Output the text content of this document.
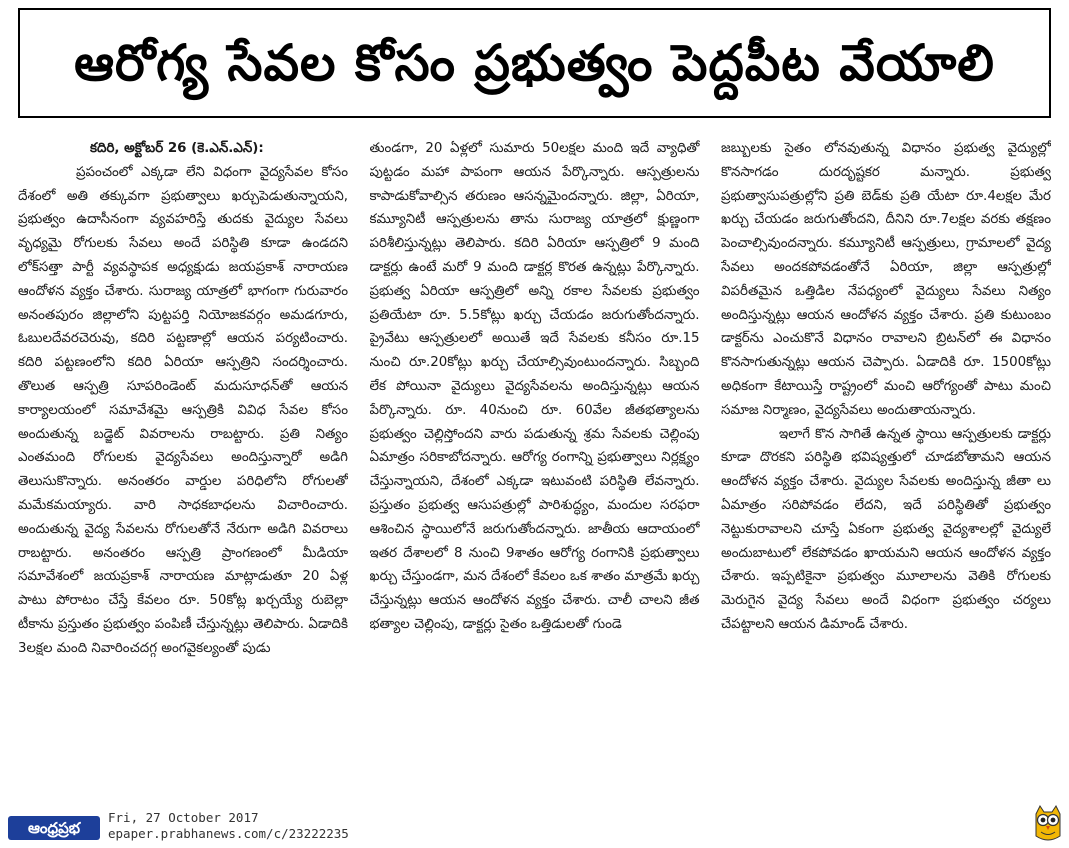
ఆరోగ్య సేవల కోసం ప్రభుత్వం పెద్దపీట వేయాలి

కదిరి, అక్టోబర్ 26 (కె.ఎన్.ఎన్):

ప్రపంచంలో ఎక్కడా లేని విధంగా వైద్యసేవల కోసం దేశంలో అతి తక్కువగా ప్రభుత్వాలు ఖర్చుపెడుతున్నాయని, ప్రభుత్వం ఉదాసీనంగా వ్యవహరిస్తే తుదకు వైద్యుల సేవలు వృధ్యమై రోగులకు సేవలు అందే పరిస్థితి కూడా ఉండదని లోక్‌సత్తా పార్టీ వ్యవస్థాపక అధ్యక్షుడు జయప్రకాశ్ నారాయణ ఆందోళన వ్యక్తం చేశారు. సురాజ్య యాత్రలో భాగంగా గురువారం అనంతపురం జిల్లాలోని పుట్టపర్తి నియోజకవర్గం అమడగూరు, ఓబులదేవరచెరువు, కదిరి పట్టణాల్లో ఆయన పర్యటించారు. కదిరి పట్టణంలోని కదిరి ఏరియా ఆస్పత్రిని సందర్శించారు. తొలుత ఆస్పత్రి సూపరిండెంట్ మదుసూధన్‌తో ఆయన కార్యాలయంలో సమావేశమై ఆస్పత్రికి వివిధ సేవల కోసం అందుతున్న బడ్జెట్ వివరాలను రాబట్టారు. ప్రతి నిత్యం ఎంతమంది రోగులకు వైద్యసేవలు అందిస్తున్నారో అడిగి తెలుసుకొన్నారు. అనంతరం వార్డుల పరిధిలోని రోగులతో మమేకమయ్యారు. వారి సాధకబాధలను విచారించారు. అందుతున్న వైద్య సేవలను రోగులతోనే నేరుగా అడిగి వివరాలు రాబట్టారు. అనంతరం ఆస్పత్రి ప్రాంగణంలో మీడియా సమావేశంలో జయప్రకాశ్ నారాయణ మాట్లాడుతూ 20 ఏళ్ల పాటు పోరాటం చేస్తే కేవలం రూ. 50కోట్ల ఖర్చయ్యే రుబెల్లా టీకాను ప్రస్తుతం ప్రభుత్వం పంపిణీ చేస్తున్నట్లు తెలిపారు. ఏడాదికి 3లక్షల మంది నివారించదగ్గ అంగవైకల్యంతో పుడు

తుండగా, 20 ఏళ్లలో సుమారు 50లక్షల మంది ఇదే వ్యాధితో పుట్టడం మహా పాపంగా ఆయన పేర్కొన్నారు. ఆస్పత్రులను కాపాడుకోవాల్సిన తరుణం ఆసన్నమైందన్నారు. జిల్లా, ఏరియా, కమ్యూనిటీ ఆస్పత్రులను తాను సురాజ్య యాత్రలో క్షుణ్ణంగా పరిశీలిస్తున్నట్లు తెలిపారు. కదిరి ఏరియా ఆస్పత్రిలో 9 మంది డాక్టర్లు ఉంటే మరో 9 మంది డాక్టర్ల కొరత ఉన్నట్లు పేర్కొన్నారు. ప్రభుత్వ ఏరియా ఆస్పత్రిలో అన్ని రకాల సేవలకు ప్రభుత్వం ప్రతియేటా రూ. 5.5కోట్లు ఖర్చు చేయడం జరుగుతోందన్నారు. ప్రైవేటు ఆస్పత్రులలో అయితే ఇదే సేవలకు కనీసం రూ.15 నుంచి రూ.20కోట్లు ఖర్చు చేయాల్సివుంటుందన్నారు. సిబ్బంది లేక పోయినా వైద్యులు వైద్యసేవలను అందిస్తున్నట్లు ఆయన పేర్కొన్నారు. రూ. 40నుంచి రూ. 60వేల జీతభత్యాలను ప్రభుత్వం చెల్లిస్తోందని వారు పడుతున్న శ్రమ సేవలకు చెల్లింపు ఏమాత్రం సరికాబోదన్నారు. ఆరోగ్య రంగాన్ని ప్రభుత్వాలు నిర్లక్ష్యం చేస్తున్నాయని, దేశంలో ఎక్కడా ఇటువంటి పరిస్థితి లేవన్నారు. ప్రస్తుతం ప్రభుత్వ ఆసుపత్రుల్లో పారిశుద్ధ్యం, మందుల సరఫరా ఆశించిన స్థాయిలోనే జరుగుతోందన్నారు. జాతీయ ఆదాయంలో ఇతర దేశాలలో 8 నుంచి 9శాతం ఆరోగ్య రంగానికి ప్రభుత్వాలు ఖర్చు చేస్తుండగా, మన దేశంలో కేవలం ఒక శాతం మాత్రమే ఖర్చు చేస్తున్నట్లు ఆయన ఆందోళన వ్యక్తం చేశారు. చాలీ చాలని జీత భత్యాల చెల్లింపు, డాక్టర్లు సైతం ఒత్తిడులతో గుండె

జబ్బులకు సైతం లోనవుతున్న విధానం ప్రభుత్వ వైద్యుల్లో కొనసాగడం దురదృష్టకర మన్నారు. ప్రభుత్వ ప్రభుత్వాసుపత్రుల్లోని ప్రతి బెడ్‌కు ప్రతి యేటా రూ.4లక్షల మేర ఖర్చు చేయడం జరుగుతోందని, దీనిని రూ.7లక్షల వరకు తక్షణం పెంచాల్సివుందన్నారు. కమ్యూనిటీ ఆస్పత్రులు, గ్రామాలలో వైద్య సేవలు అందకపోవడంతోనే ఏరియా, జిల్లా ఆస్పత్రుల్లో విపరీతమైన ఒత్తిడిల నేపధ్యంలో వైద్యులు సేవలు నిత్యం అందిస్తున్నట్లు ఆయన ఆందోళన వ్యక్తం చేశారు. ప్రతి కుటుంబం డాక్టర్‌ను ఎంచుకొనే విధానం రావాలని బ్రిటన్‌లో ఈ విధానం కొనసాగుతున్నట్లు ఆయన చెప్పారు. ఏడాదికి రూ. 1500కోట్లు అధికంగా కేటాయిస్తే రాష్ట్రంలో మంచి ఆరోగ్యంతో పాటు మంచి సమాజ నిర్మాణం, వైద్యసేవలు అందుతాయన్నారు.

ఇలాగే కొన సాగితే ఉన్నత స్థాయి ఆస్పత్రులకు డాక్టర్లు కూడా దొరకని పరిస్థితి భవిష్యత్తులో చూడబోతామని ఆయన ఆందోళన వ్యక్తం చేశారు. వైద్యుల సేవలకు అందిస్తున్న జీతా లు ఏమాత్రం సరిపోవడం లేదని, ఇదే పరిస్థితితో ప్రభుత్వం నెట్టుకురావాలని చూస్తే ఏకంగా ప్రభుత్వ వైద్యశాలల్లో వైద్యులే అందుబాటులో లేకపోవడం ఖాయమని ఆయన ఆందోళన వ్యక్తం చేశారు. ఇప్పటికైనా ప్రభుత్వం మూలాలను వెతికి రోగులకు మెరుగైన వైద్య సేవలు అందే విధంగా ప్రభుత్వం చర్యలు చేపట్టాలని ఆయన డిమాండ్ చేశారు.

ఆంధ్రప్రభ
Fri, 27 October 2017
epaper.prabhanews.com/c/23222235
